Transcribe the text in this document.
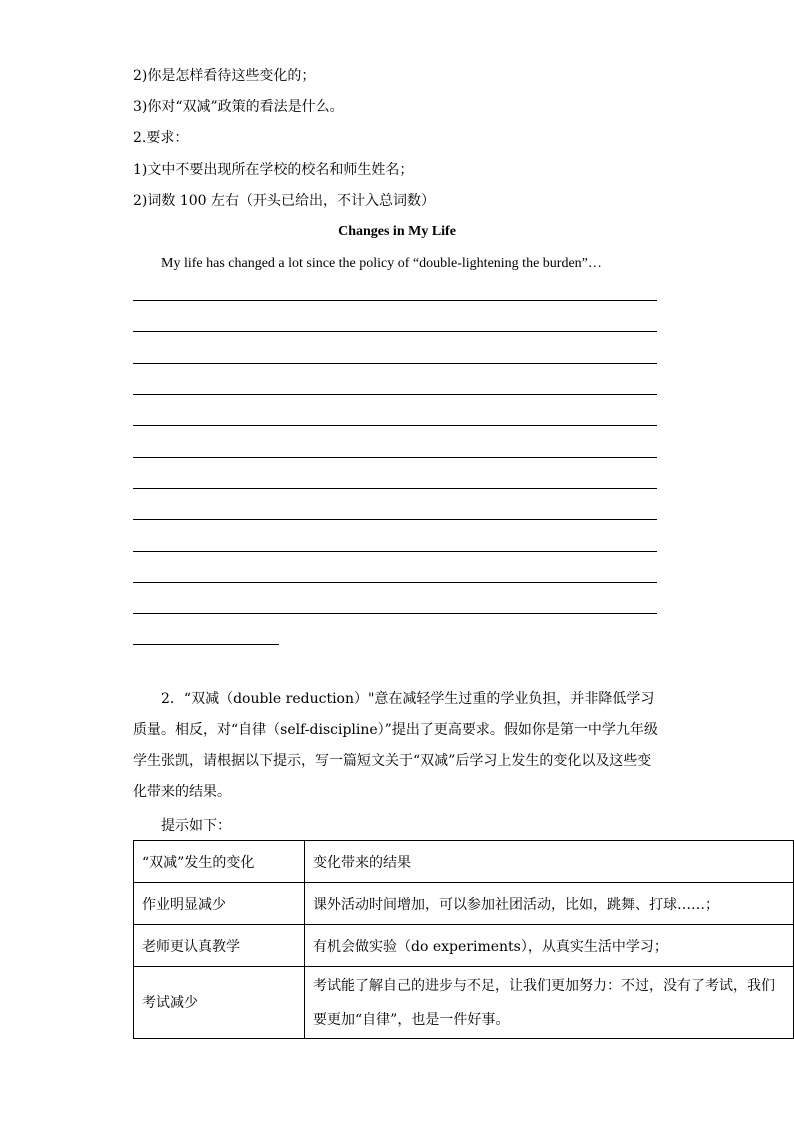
2)你是怎样看待这些变化的；
3)你对“双减”政策的看法是什么。
2.要求：
1)文中不要出现所在学校的校名和师生姓名；
2)词数 100 左右（开头已给出，不计入总词数）
Changes in My Life
My life has changed a lot since the policy of “double-lightening the burden”…
2．“双减（double reduction）"意在减轻学生过重的学业负担，并非降低学习质量。相反，对“自律（self-discipline）”提出了更高要求。假如你是第一中学九年级学生张凯，请根据以下提示，写一篇短文关于“双减”后学习上发生的变化以及这些变化带来的结果。
提示如下：
“双减”发生的变化	变化带来的结果
作业明显减少	课外活动时间增加，可以参加社团活动，比如，跳舞、打球……；
老师更认真教学	有机会做实验（do experiments），从真实生活中学习；
考试减少	考试能了解自己的进步与不足，让我们更加努力：不过，没有了考试，我们要更加“自律”，也是一件好事。
